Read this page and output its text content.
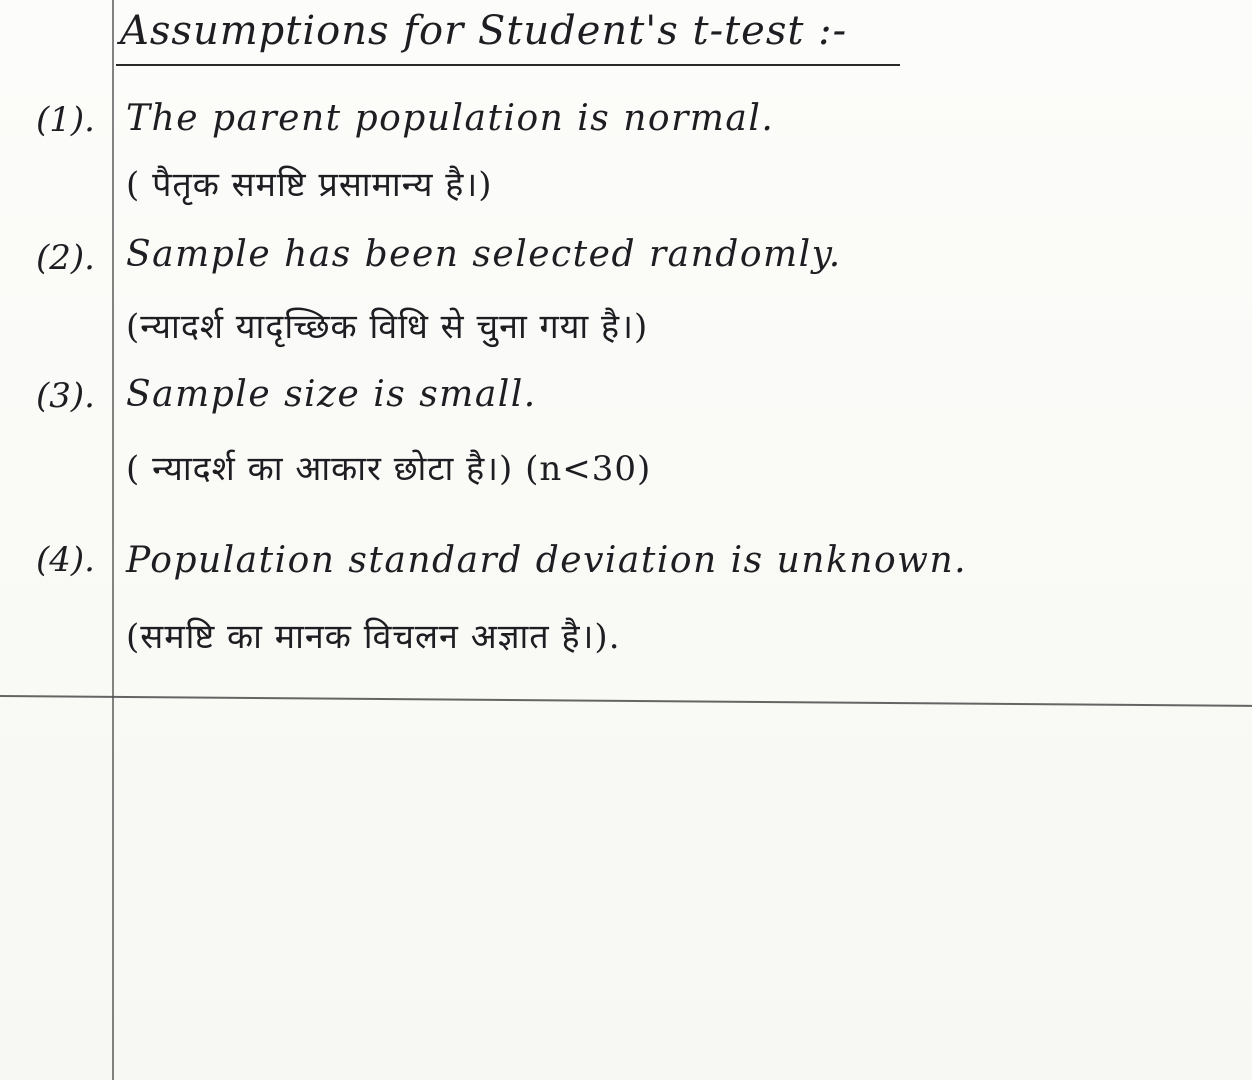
Assumptions for Student's t-test :-
(1). The parent population is normal.
( पैतृक समष्टि प्रसामान्य है।)
(2). Sample has been selected randomly.
(न्यादर्श यादृच्छिक विधि से चुना गया है।)
(3). Sample size is small.
( न्यादर्श का आकार छोटा है।) (n<30)
(4). Population standard deviation is unknown.
(समष्टि का मानक विचलन अज्ञात है।).
